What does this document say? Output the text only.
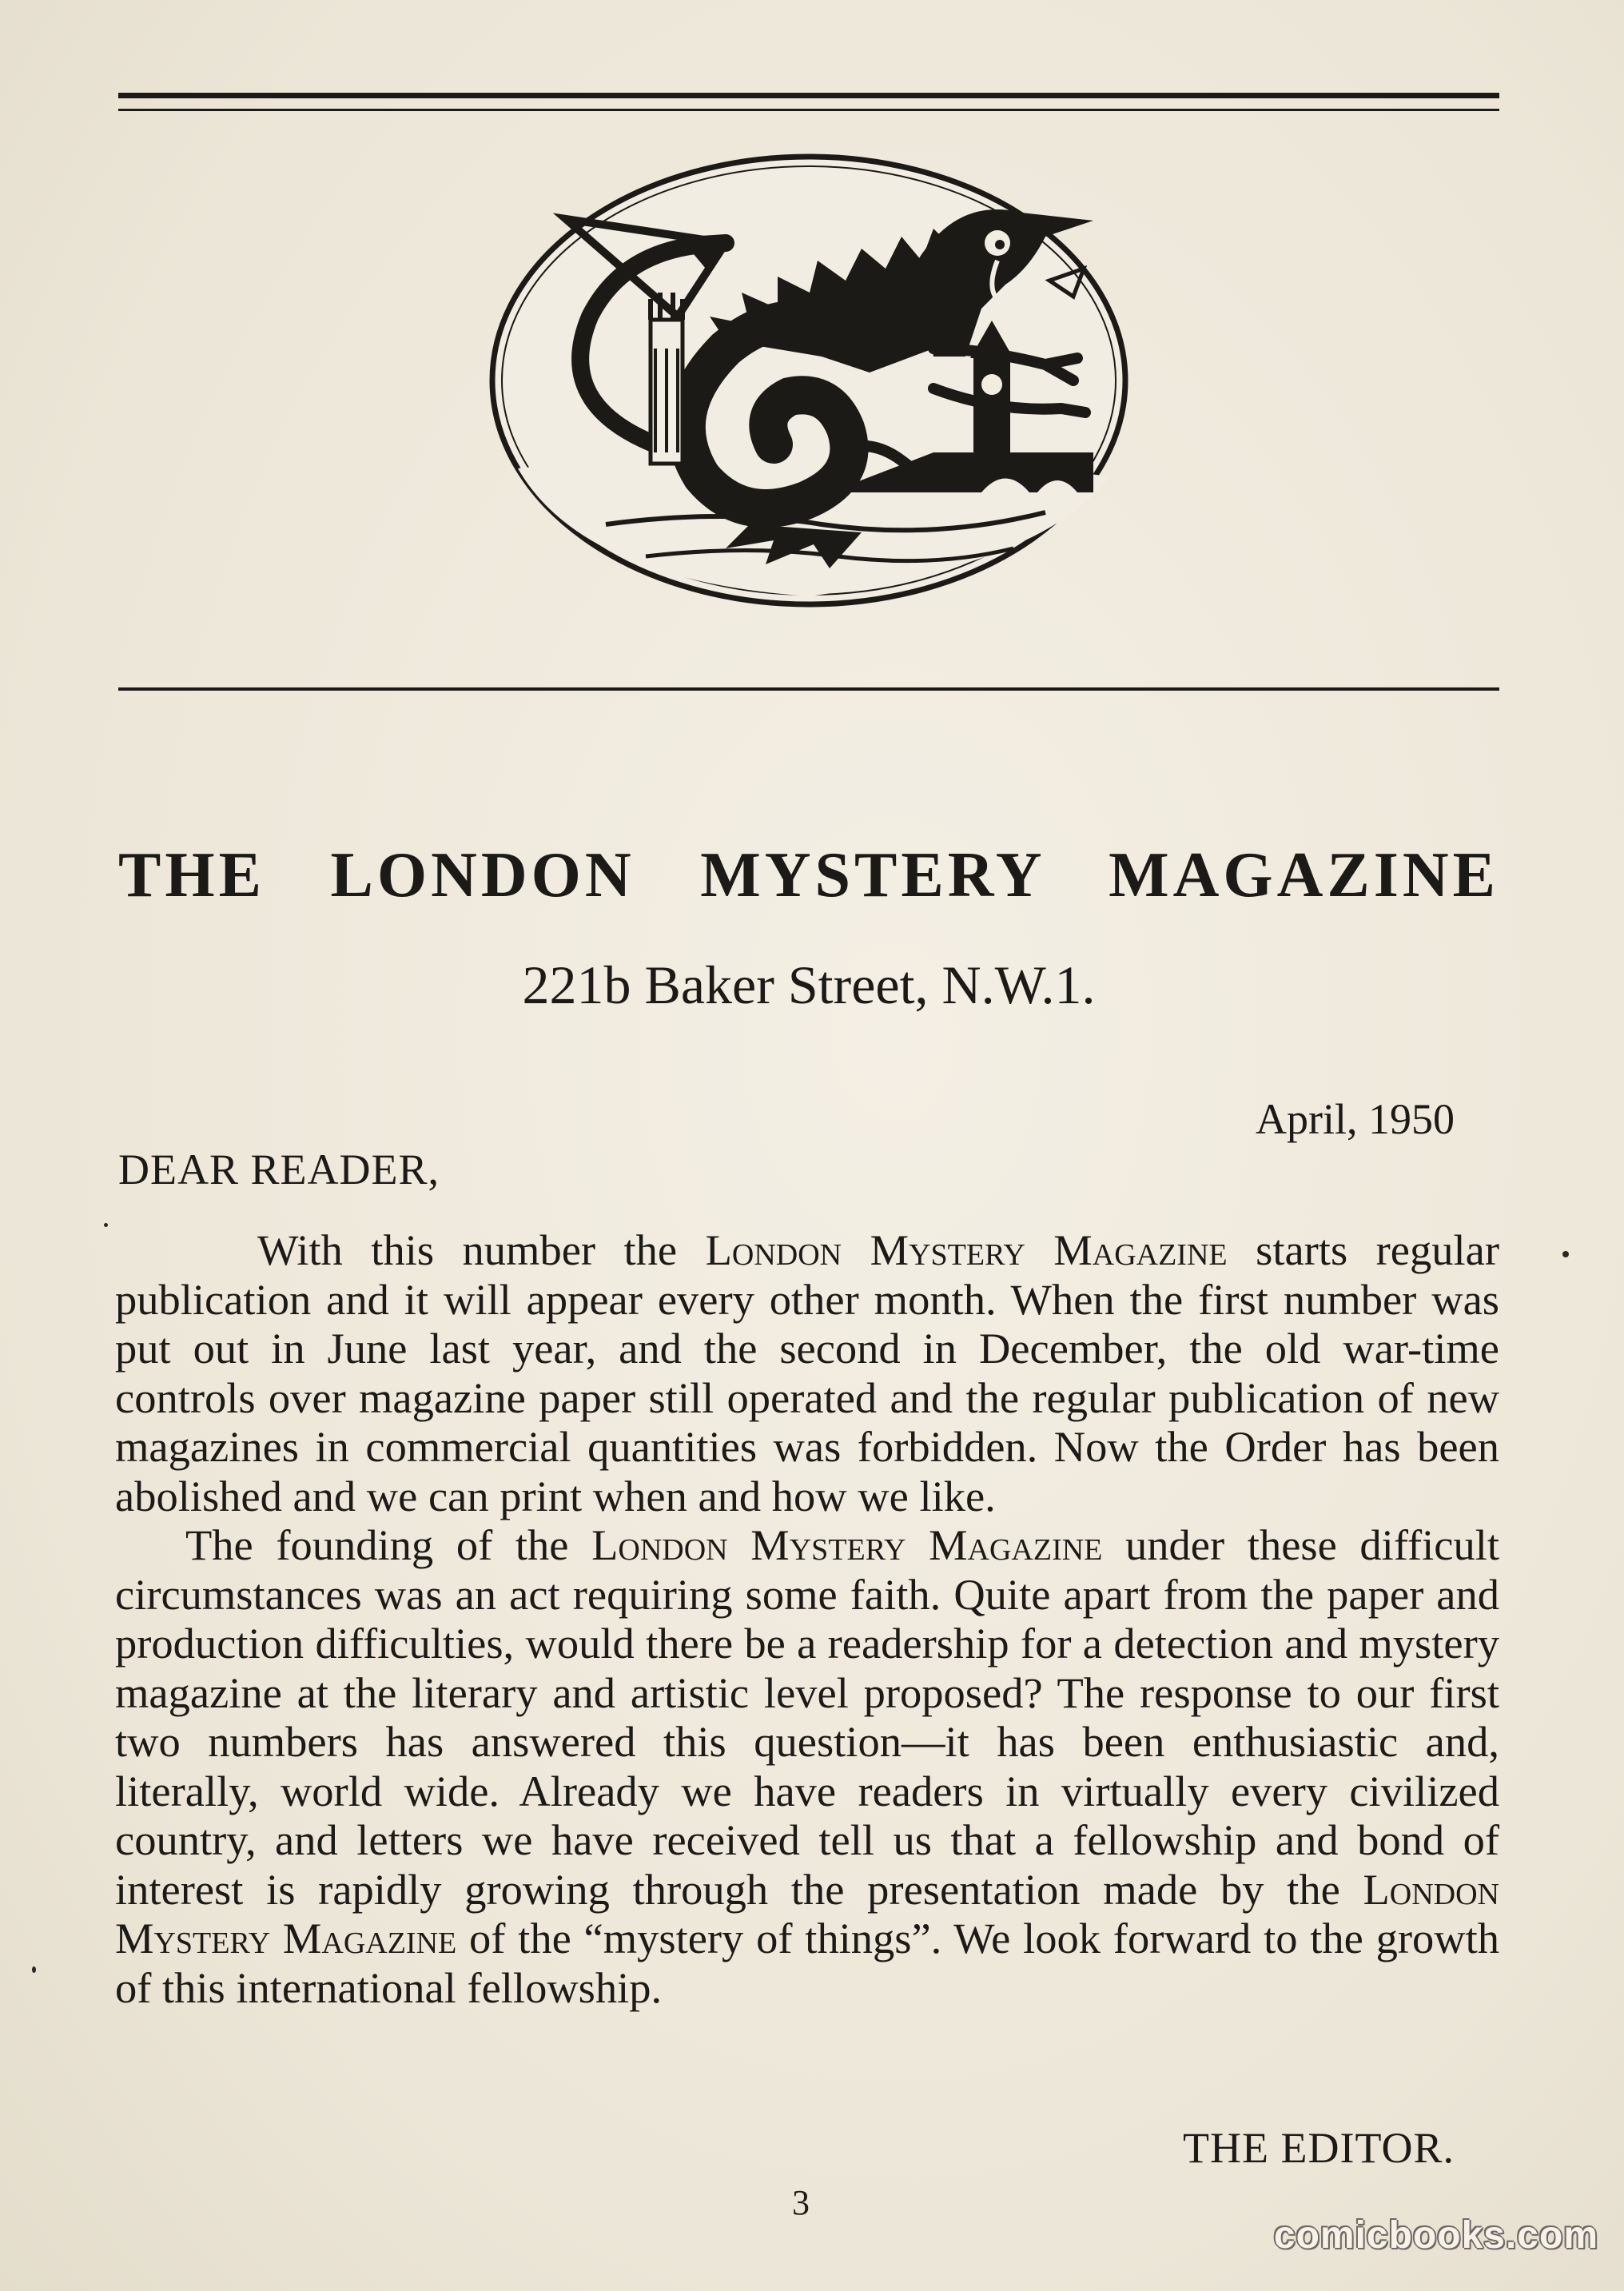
THE LONDON MYSTERY MAGAZINE
221b Baker Street, N.W.1.
April, 1950
DEAR READER,

With this number the London Mystery Magazine starts regular publication and it will appear every other month. When the first number was put out in June last year, and the second in December, the old war-time controls over magazine paper still operated and the regular publication of new magazines in commercial quantities was forbidden. Now the Order has been abolished and we can print when and how we like.

The founding of the London Mystery Magazine under these difficult circumstances was an act requiring some faith. Quite apart from the paper and production difficulties, would there be a readership for a detection and mystery magazine at the literary and artistic level proposed? The response to our first two numbers has answered this question—it has been enthusiastic and, literally, world wide. Already we have readers in virtually every civilized country, and letters we have received tell us that a fellowship and bond of interest is rapidly growing through the presentation made by the London Mystery Magazine of the “mystery of things”. We look forward to the growth of this international fellowship.

THE EDITOR.
3
comicbooks.com
